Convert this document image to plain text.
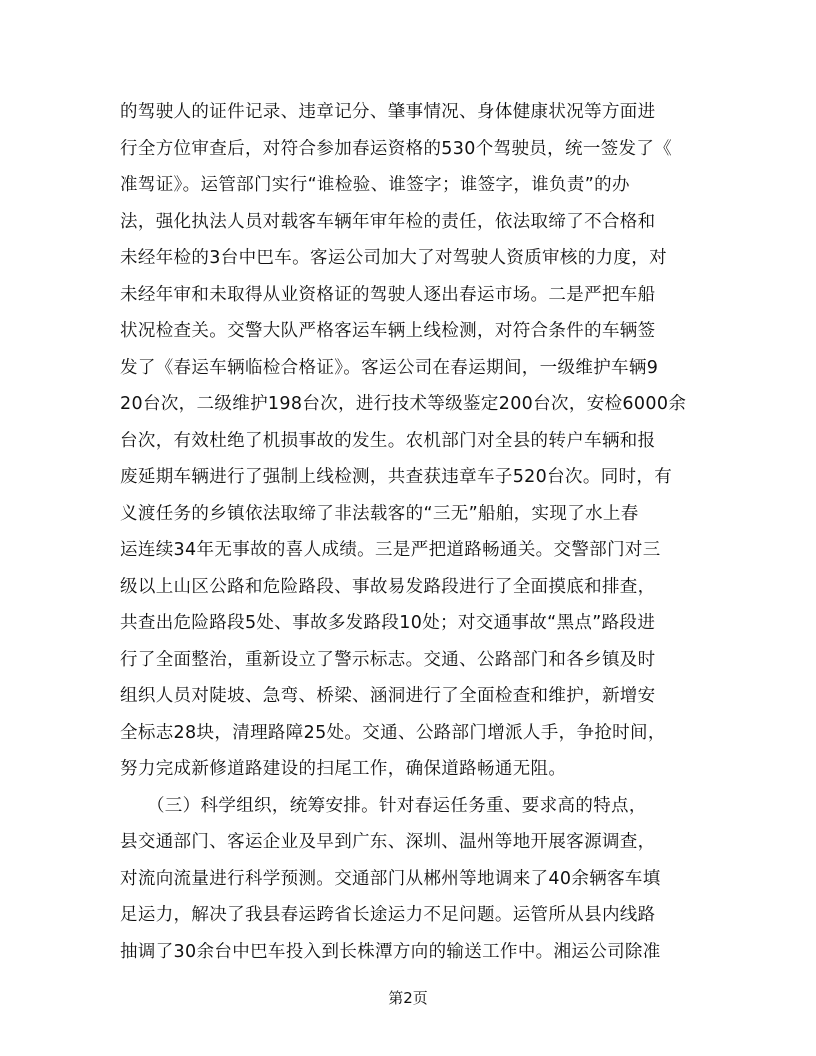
的驾驶人的证件记录、违章记分、肇事情况、身体健康状况等方面进
行全方位审查后，对符合参加春运资格的530个驾驶员，统一签发了《
准驾证》。运管部门实行“谁检验、谁签字；谁签字，谁负责”的办
法，强化执法人员对载客车辆年审年检的责任，依法取缔了不合格和
未经年检的3台中巴车。客运公司加大了对驾驶人资质审核的力度，对
未经年审和未取得从业资格证的驾驶人逐出春运市场。二是严把车船
状况检查关。交警大队严格客运车辆上线检测，对符合条件的车辆签
发了《春运车辆临检合格证》。客运公司在春运期间，一级维护车辆9
20台次，二级维护198台次，进行技术等级鉴定200台次，安检6000余
台次，有效杜绝了机损事故的发生。农机部门对全县的转户车辆和报
废延期车辆进行了强制上线检测，共查获违章车子520台次。同时，有
义渡任务的乡镇依法取缔了非法载客的“三无”船舶，实现了水上春
运连续34年无事故的喜人成绩。三是严把道路畅通关。交警部门对三
级以上山区公路和危险路段、事故易发路段进行了全面摸底和排查，
共查出危险路段5处、事故多发路段10处；对交通事故“黑点”路段进
行了全面整治，重新设立了警示标志。交通、公路部门和各乡镇及时
组织人员对陡坡、急弯、桥梁、涵洞进行了全面检查和维护，新增安
全标志28块，清理路障25处。交通、公路部门增派人手，争抢时间，
努力完成新修道路建设的扫尾工作，确保道路畅通无阻。
　　（三）科学组织，统筹安排。针对春运任务重、要求高的特点，
县交通部门、客运企业及早到广东、深圳、温州等地开展客源调查，
对流向流量进行科学预测。交通部门从郴州等地调来了40余辆客车填
足运力，解决了我县春运跨省长途运力不足问题。运管所从县内线路
抽调了30余台中巴车投入到长株潭方向的输送工作中。湘运公司除准
第2页
